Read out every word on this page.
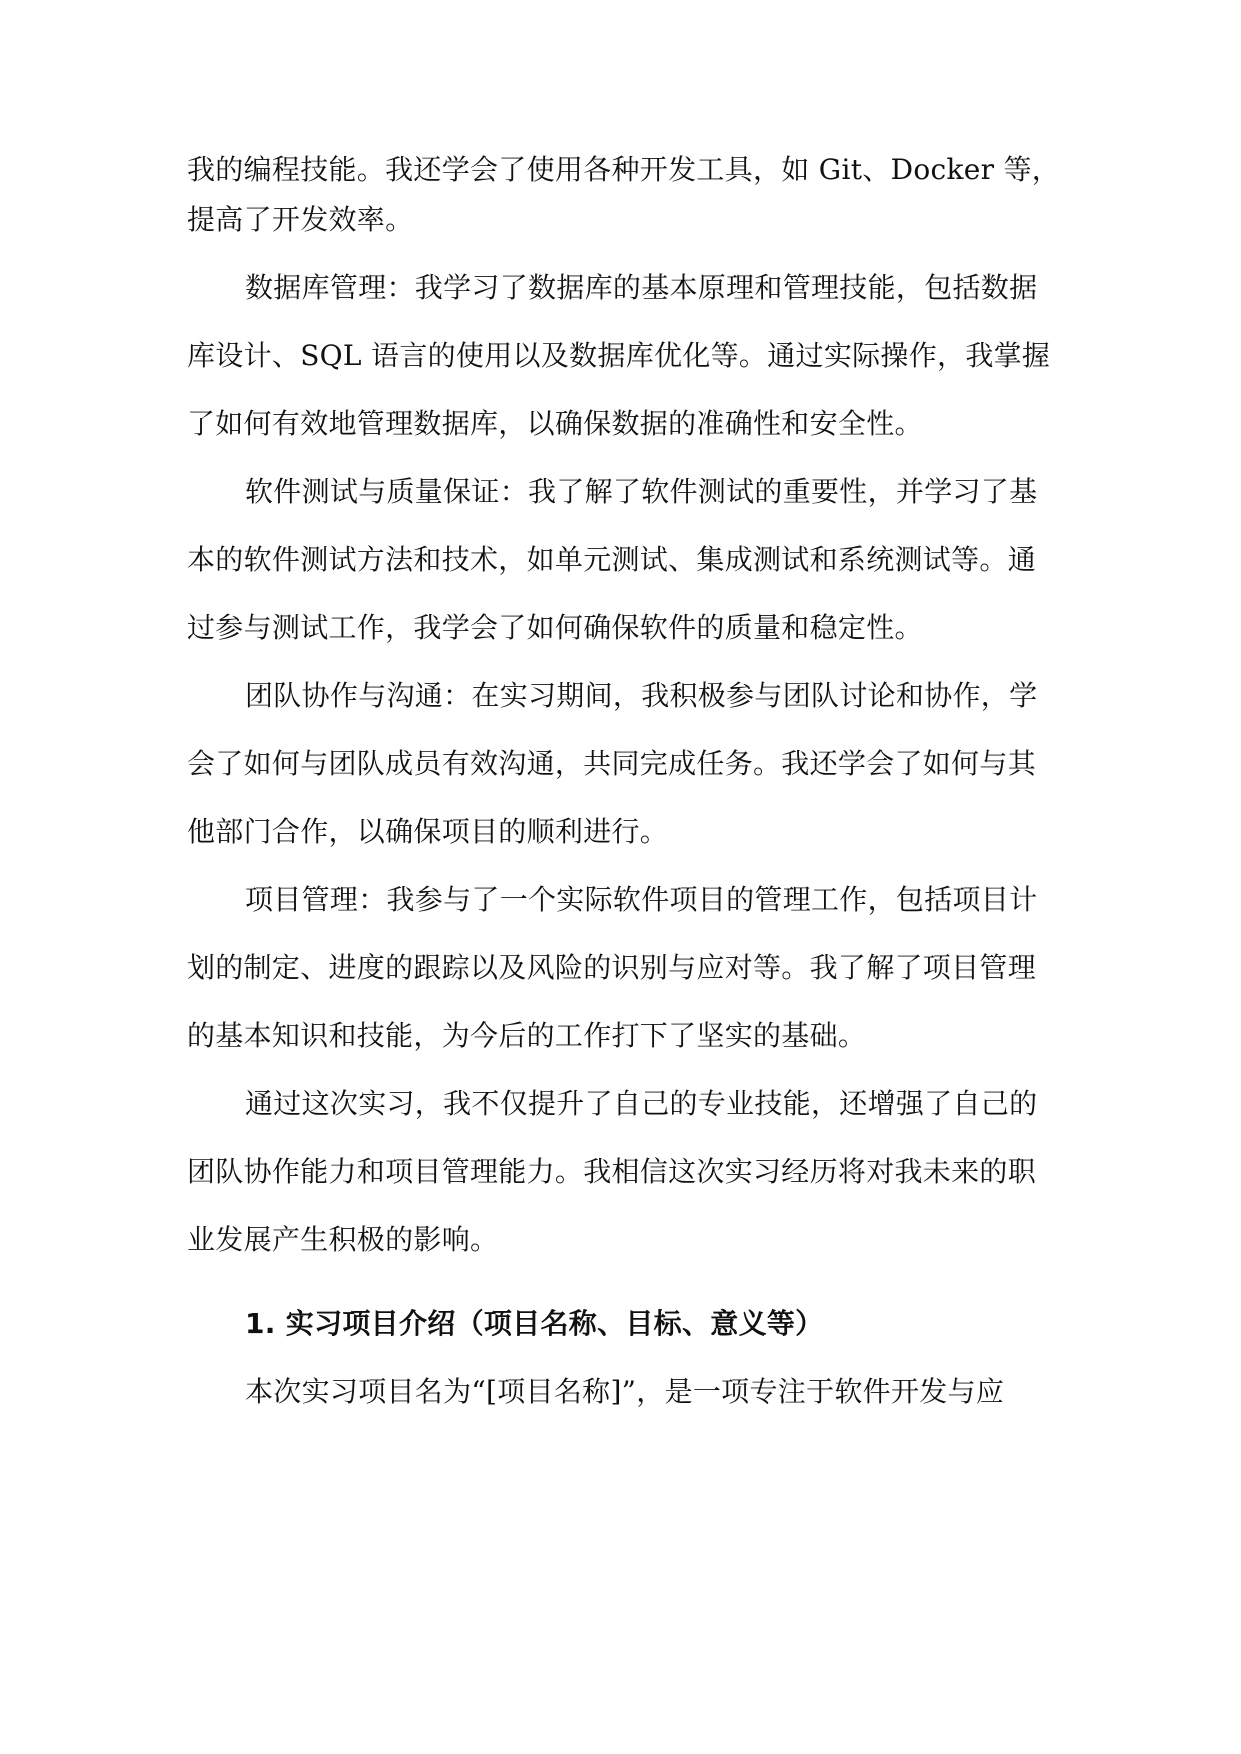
我的编程技能。我还学会了使用各种开发工具，如 Git、Docker 等，
提高了开发效率。
数据库管理：我学习了数据库的基本原理和管理技能，包括数据
库设计、SQL 语言的使用以及数据库优化等。通过实际操作，我掌握
了如何有效地管理数据库，以确保数据的准确性和安全性。
软件测试与质量保证：我了解了软件测试的重要性，并学习了基
本的软件测试方法和技术，如单元测试、集成测试和系统测试等。通
过参与测试工作，我学会了如何确保软件的质量和稳定性。
团队协作与沟通：在实习期间，我积极参与团队讨论和协作，学
会了如何与团队成员有效沟通，共同完成任务。我还学会了如何与其
他部门合作，以确保项目的顺利进行。
项目管理：我参与了一个实际软件项目的管理工作，包括项目计
划的制定、进度的跟踪以及风险的识别与应对等。我了解了项目管理
的基本知识和技能，为今后的工作打下了坚实的基础。
通过这次实习，我不仅提升了自己的专业技能，还增强了自己的
团队协作能力和项目管理能力。我相信这次实习经历将对我未来的职
业发展产生积极的影响。
1. 实习项目介绍（项目名称、目标、意义等）
本次实习项目名为“[项目名称]”，是一项专注于软件开发与应
